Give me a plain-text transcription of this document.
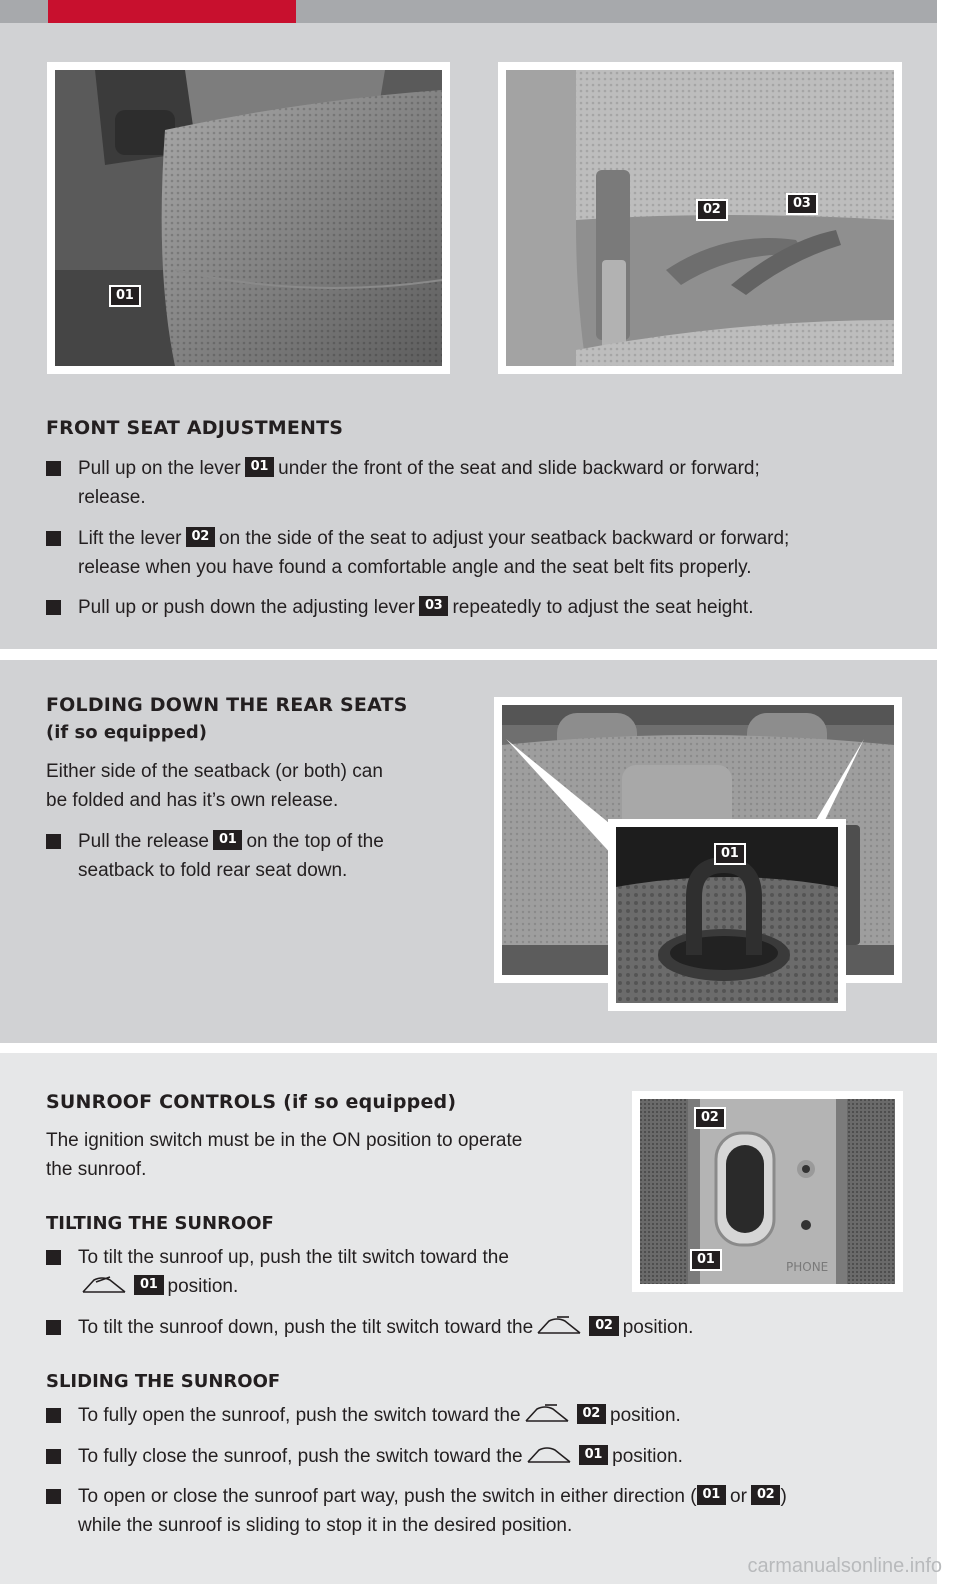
01
02	03
FRONT SEAT ADJUSTMENTS
Pull up on the lever 01 under the front of the seat and slide backward or forward;
release.
Lift the lever 02 on the side of the seat to adjust your seatback backward or forward;
release when you have found a comfortable angle and the seat belt fits properly.
Pull up or push down the adjusting lever 03 repeatedly to adjust the seat height.
FOLDING DOWN THE REAR SEATS
(if so equipped)
Either side of the seatback (or both) can
be folded and has it’s own release.
Pull the release 01 on the top of the
seatback to fold rear seat down.
01
SUNROOF CONTROLS (if so equipped)
The ignition switch must be in the ON position to operate
the sunroof.
TILTING THE SUNROOF
To tilt the sunroof up, push the tilt switch toward the
01 position.
To tilt the sunroof down, push the tilt switch toward the	02 position.
SLIDING THE SUNROOF
To fully open the sunroof, push the switch toward the	02 position.
To fully close the sunroof, push the switch toward the	01 position.
To open or close the sunroof part way, push the switch in either direction ( 01 or 02 )
while the sunroof is sliding to stop it in the desired position.
PHONE
02
01
carmanualsonline.info
